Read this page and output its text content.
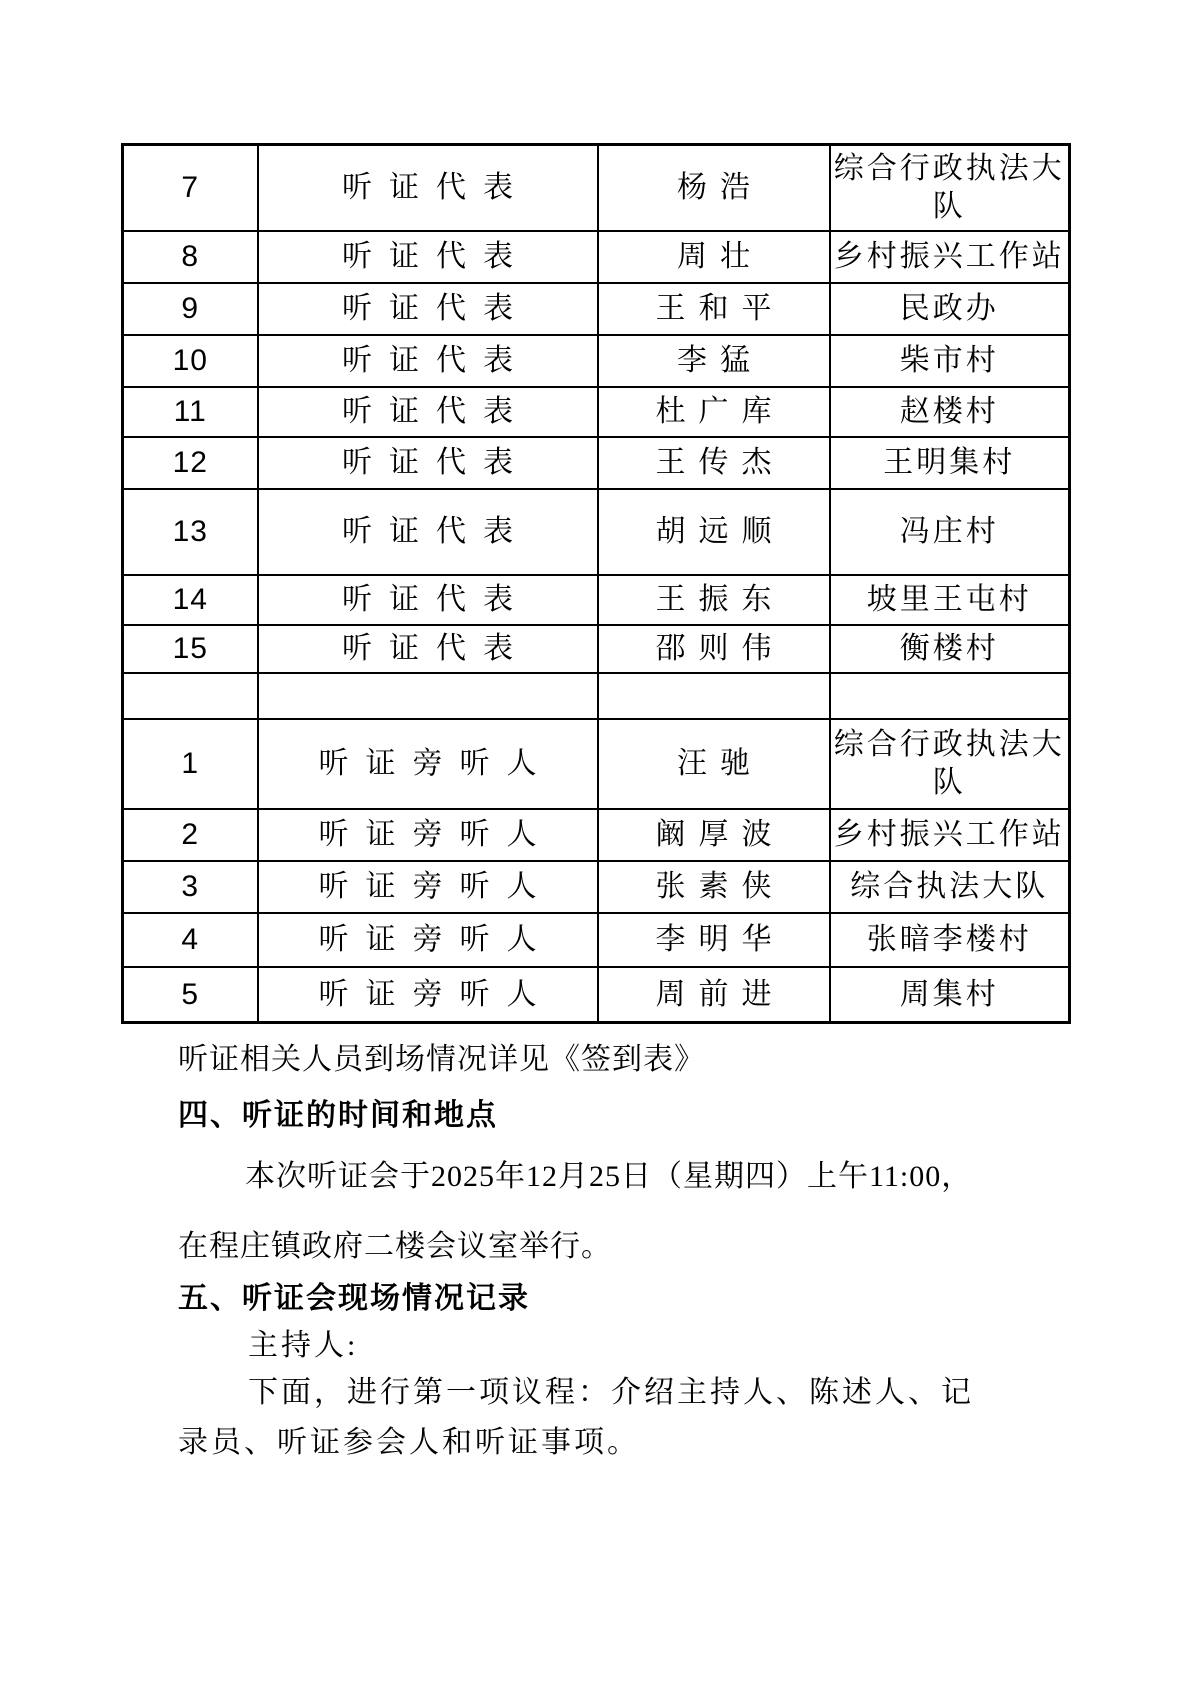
7	听证代表	杨浩	综合行政执法大队
8	听证代表	周壮	乡村振兴工作站
9	听证代表	王和平	民政办
10	听证代表	李猛	柴市村
11	听证代表	杜广库	赵楼村
12	听证代表	王传杰	王明集村
13	听证代表	胡远顺	冯庄村
14	听证代表	王振东	坡里王屯村
15	听证代表	邵则伟	衡楼村

1	听证旁听人	汪驰	综合行政执法大队
2	听证旁听人	阚厚波	乡村振兴工作站
3	听证旁听人	张素侠	综合执法大队
4	听证旁听人	李明华	张暗李楼村
5	听证旁听人	周前进	周集村
听证相关人员到场情况详见《签到表》
四、听证的时间和地点
本次听证会于2025年12月25日（星期四）上午11:00，
在程庄镇政府二楼会议室举行。
五、听证会现场情况记录
主持人:
下面，进行第一项议程：介绍主持人、陈述人、记
录员、听证参会人和听证事项。
